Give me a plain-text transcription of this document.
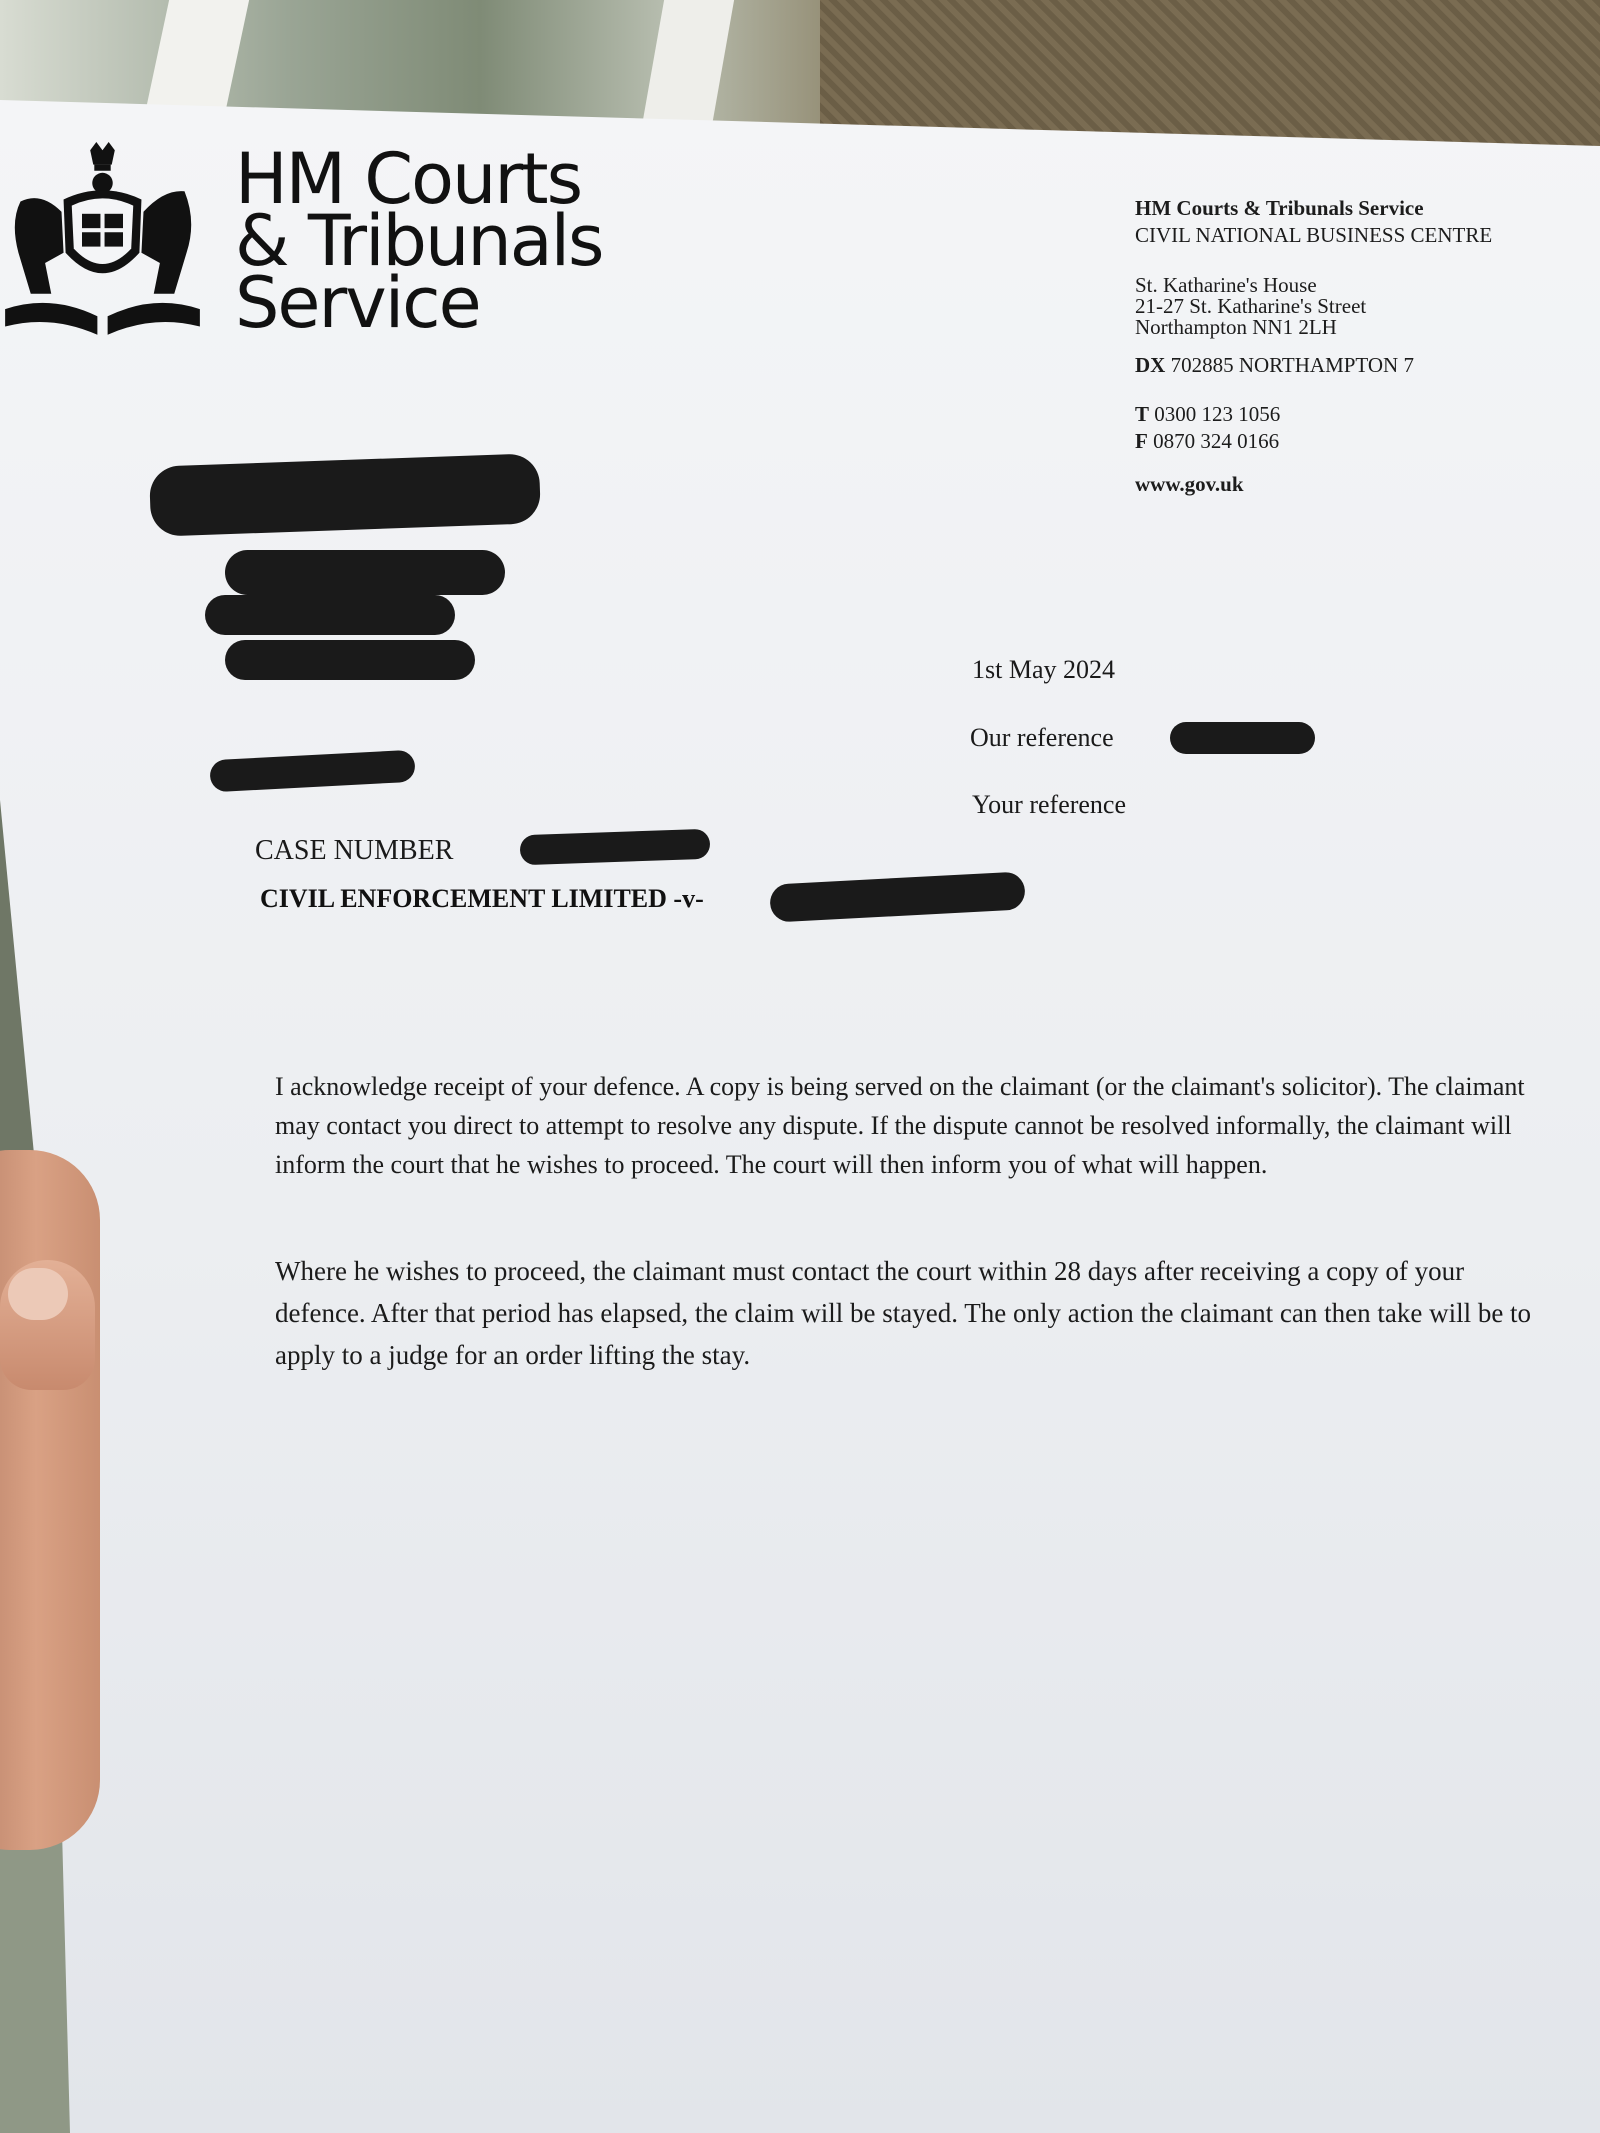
HM Courts
& Tribunals
Service
HM Courts & Tribunals Service
CIVIL NATIONAL BUSINESS CENTRE
St. Katharine's House
21-27 St. Katharine's Street
Northampton NN1 2LH
DX 702885 NORTHAMPTON 7
T 0300 123 1056
F 0870 324 0166
www.gov.uk
1st May 2024
Our reference
Your reference
CASE NUMBER
CIVIL ENFORCEMENT LIMITED -v-
I acknowledge receipt of your defence. A copy is being served on the claimant (or the claimant's solicitor). The claimant may contact you direct to attempt to resolve any dispute. If the dispute cannot be resolved informally, the claimant will inform the court that he wishes to proceed. The court will then inform you of what will happen.
Where he wishes to proceed, the claimant must contact the court within 28 days after receiving a copy of your defence. After that period has elapsed, the claim will be stayed. The only action the claimant can then take will be to apply to a judge for an order lifting the stay.
